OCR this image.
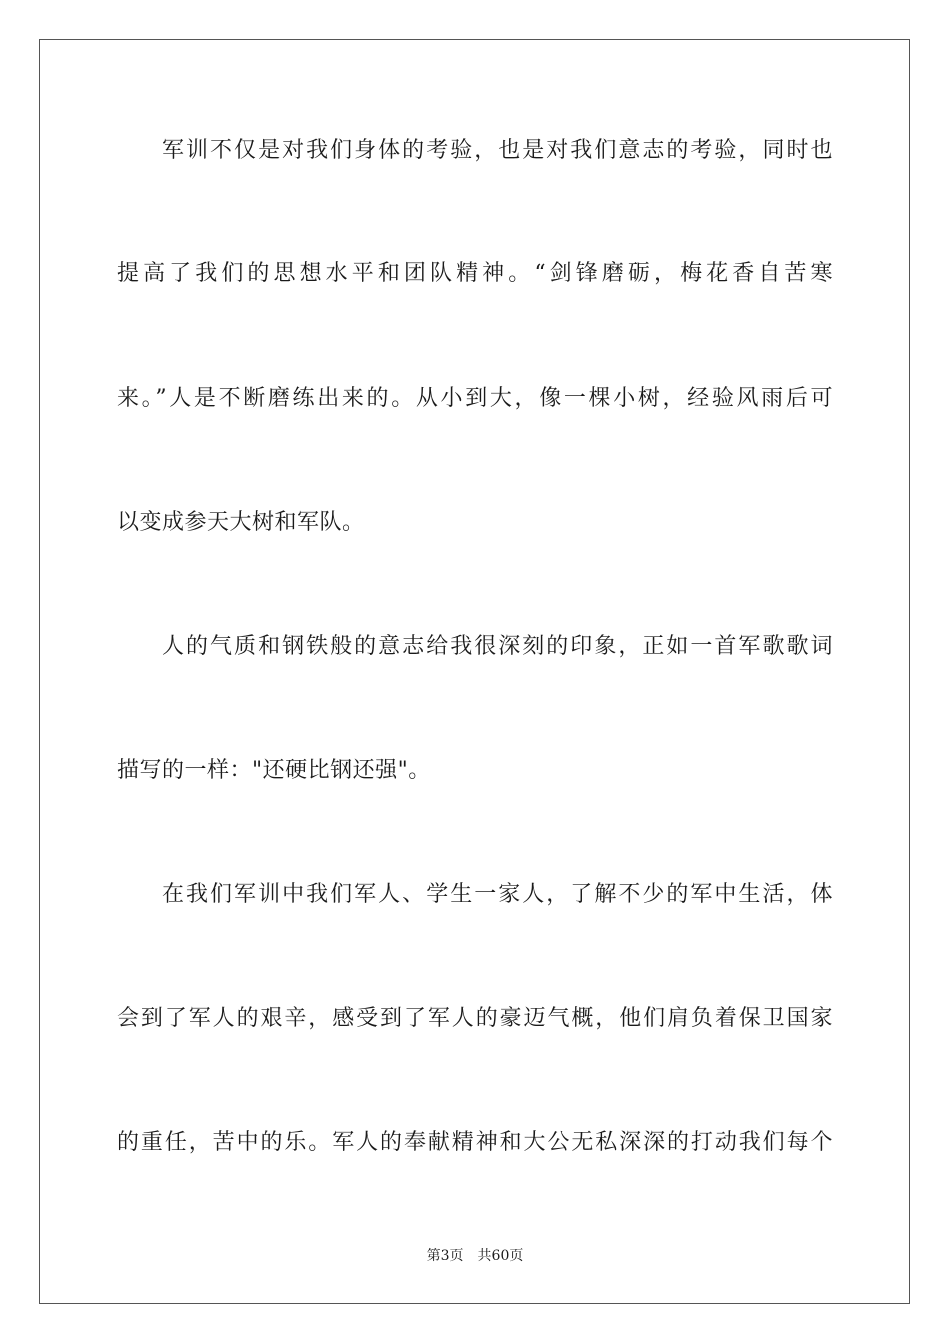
军训不仅是对我们身体的考验，也是对我们意志的考验，同时也
提高了我们的思想水平和团队精神。“剑锋磨砺，梅花香自苦寒
来。”人是不断磨练出来的。从小到大，像一棵小树，经验风雨后可
以变成参天大树和军队。
人的气质和钢铁般的意志给我很深刻的印象，正如一首军歌歌词
描写的一样："还硬比钢还强"。
在我们军训中我们军人、学生一家人，了解不少的军中生活，体
会到了军人的艰辛，感受到了军人的豪迈气概，他们肩负着保卫国家
的重任，苦中的乐。军人的奉献精神和大公无私深深的打动我们每个
第3页 共60页
